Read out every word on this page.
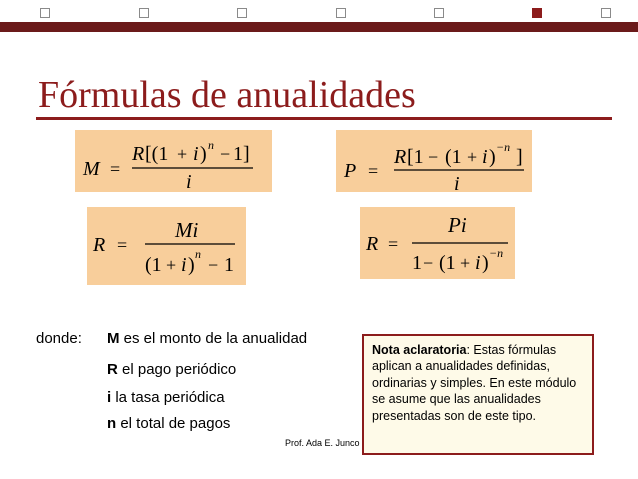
Fórmulas de anualidades
M =
R [(1 + i ) n − 1]
i	P =
R [1 − (1 + i ) −n ]
i
R =
Mi
(1 + i ) n
− 1
R =
Pi
1 − (1 + i ) −n
donde: M es el monto de la anualidad
R el pago periódico
i la tasa periódica
n el total de pagos
Prof. Ada E. Junco
Nota aclaratoria: Estas fórmulas aplican a anualidades definidas, ordinarias y simples. En este módulo se asume que las anualidades presentadas son de este tipo.
